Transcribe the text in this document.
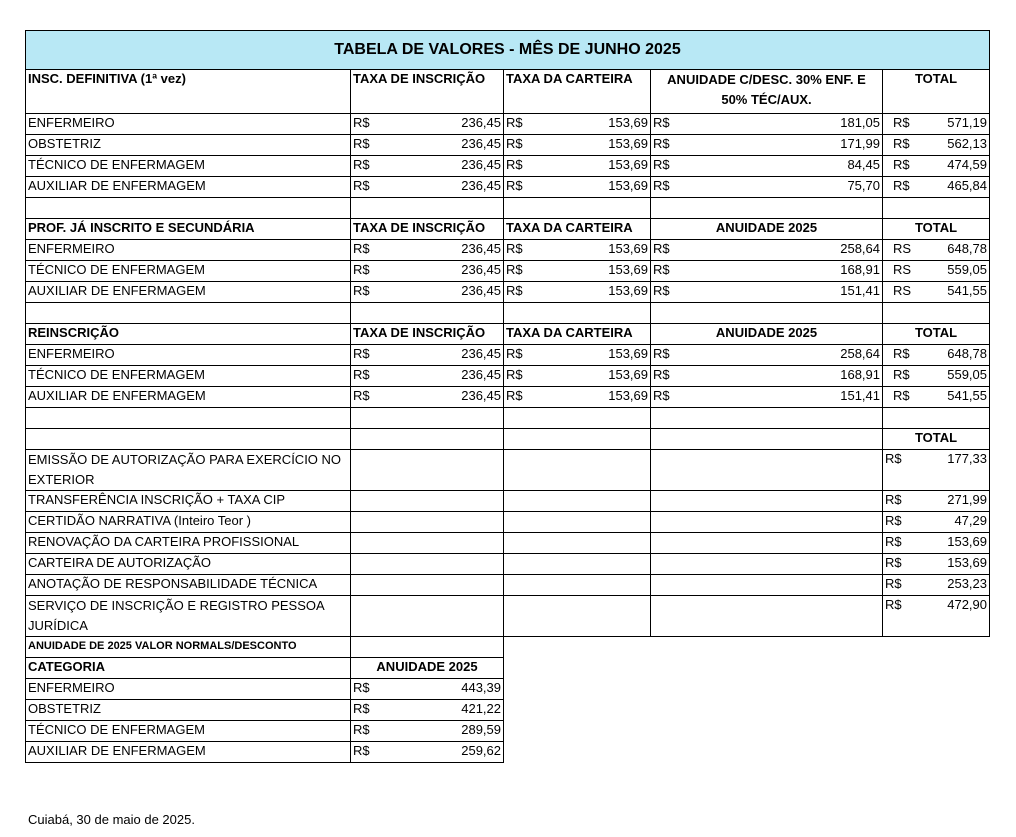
TABELA DE VALORES - MÊS DE JUNHO 2025				
INSC. DEFINITIVA (1ª vez)	TAXA DE INSCRIÇÃO	TAXA DA CARTEIRA	ANUIDADE C/DESC. 30% ENF. E 50% TÉC/AUX.	TOTAL
ENFERMEIRO	R$ 236,45	R$ 153,69	R$ 181,05	R$ 571,19

OBSTETRIZ	R$ 236,45	R$ 153,69	R$ 171,99	R$ 562,13

TÉCNICO DE ENFERMAGEM	R$ 236,45	R$ 153,69	R$ 84,45	R$ 474,59

AUXILIAR DE ENFERMAGEM	R$ 236,45	R$ 153,69	R$ 75,70	R$ 465,84

PROF. JÁ INSCRITO E SECUNDÁRIA	TAXA DE INSCRIÇÃO	TAXA DA CARTEIRA	ANUIDADE 2025	TOTAL
ENFERMEIRO	R$ 236,45	R$ 153,69	R$ 258,64	RS 648,78

TÉCNICO DE ENFERMAGEM	R$ 236,45	R$ 153,69	R$ 168,91	RS 559,05

AUXILIAR DE ENFERMAGEM	R$ 236,45	R$ 153,69	R$ 151,41	RS 541,55

REINSCRIÇÃO	TAXA DE INSCRIÇÃO	TAXA DA CARTEIRA	ANUIDADE 2025	TOTAL
ENFERMEIRO	R$ 236,45	R$ 153,69	R$ 258,64	R$ 648,78

TÉCNICO DE ENFERMAGEM	R$ 236,45	R$ 153,69	R$ 168,91	R$ 559,05

AUXILIAR DE ENFERMAGEM	R$ 236,45	R$ 153,69	R$ 151,41	R$ 541,55

				TOTAL
EMISSÃO DE AUTORIZAÇÃO PARA EXERCÍCIO NO EXTERIOR				R$ 177,33

TRANSFERÊNCIA INSCRIÇÃO + TAXA CIP				R$ 271,99

CERTIDÃO NARRATIVA (Inteiro Teor )				R$ 47,29

RENOVAÇÃO DA CARTEIRA PROFISSIONAL				R$ 153,69

CARTEIRA DE AUTORIZAÇÃO				R$ 153,69

ANOTAÇÃO DE RESPONSABILIDADE TÉCNICA				R$ 253,23

SERVIÇO DE INSCRIÇÃO E REGISTRO PESSOA JURÍDICA				R$ 472,90

ANUIDADE DE 2025 VALOR NORMALS/DESCONTO				
CATEGORIA	ANUIDADE 2025			
ENFERMEIRO	R$ 443,39			

OBSTETRIZ	R$ 421,22			

TÉCNICO DE ENFERMAGEM	R$ 289,59			

AUXILIAR DE ENFERMAGEM	R$ 259,62			

Cuiabá, 30 de maio de 2025.
